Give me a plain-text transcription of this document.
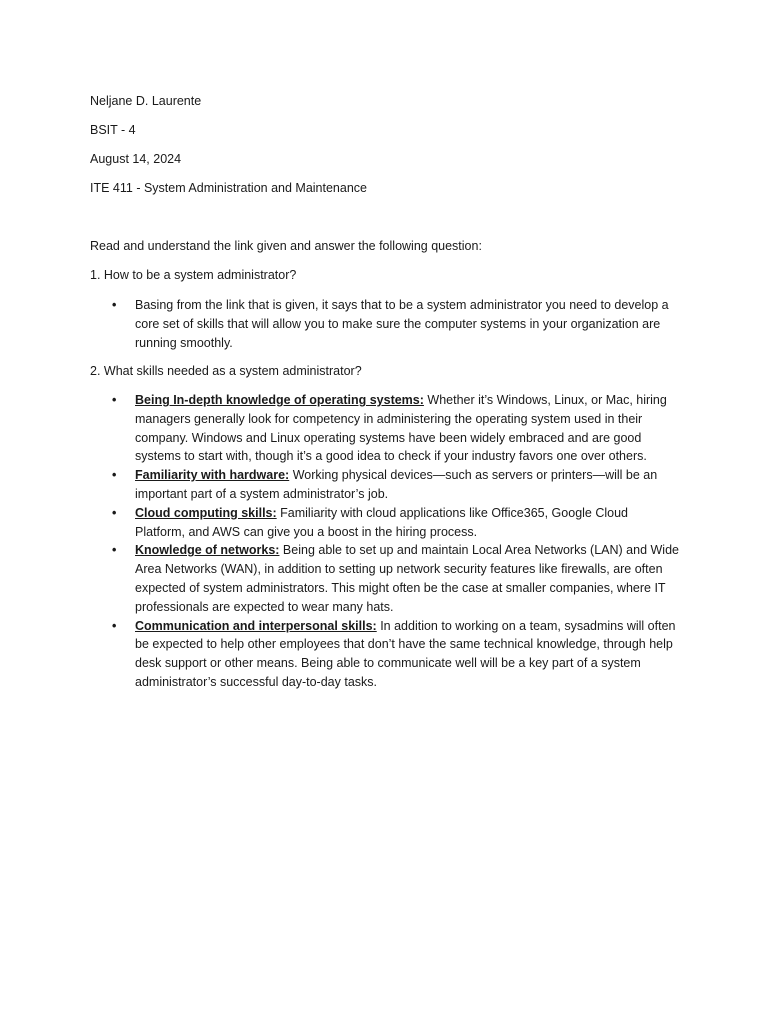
Neljane D. Laurente
BSIT - 4
August 14, 2024
ITE 411 - System Administration and Maintenance
Read and understand the link given and answer the following question:
1. How to be a system administrator?
• Basing from the link that is given, it says that to be a system administrator you need to develop a core set of skills that will allow you to make sure the computer systems in your organization are running smoothly.
2. What skills needed as a system administrator?
• Being In-depth knowledge of operating systems: Whether it’s Windows, Linux, or Mac, hiring managers generally look for competency in administering the operating system used in their company. Windows and Linux operating systems have been widely embraced and are good systems to start with, though it’s a good idea to check if your industry favors one over others.
• Familiarity with hardware: Working physical devices—such as servers or printers—will be an important part of a system administrator’s job.
• Cloud computing skills: Familiarity with cloud applications like Office365, Google Cloud Platform, and AWS can give you a boost in the hiring process.
• Knowledge of networks: Being able to set up and maintain Local Area Networks (LAN) and Wide Area Networks (WAN), in addition to setting up network security features like firewalls, are often expected of system administrators. This might often be the case at smaller companies, where IT professionals are expected to wear many hats.
• Communication and interpersonal skills: In addition to working on a team, sysadmins will often be expected to help other employees that don’t have the same technical knowledge, through help desk support or other means. Being able to communicate well will be a key part of a system administrator’s successful day-to-day tasks.
